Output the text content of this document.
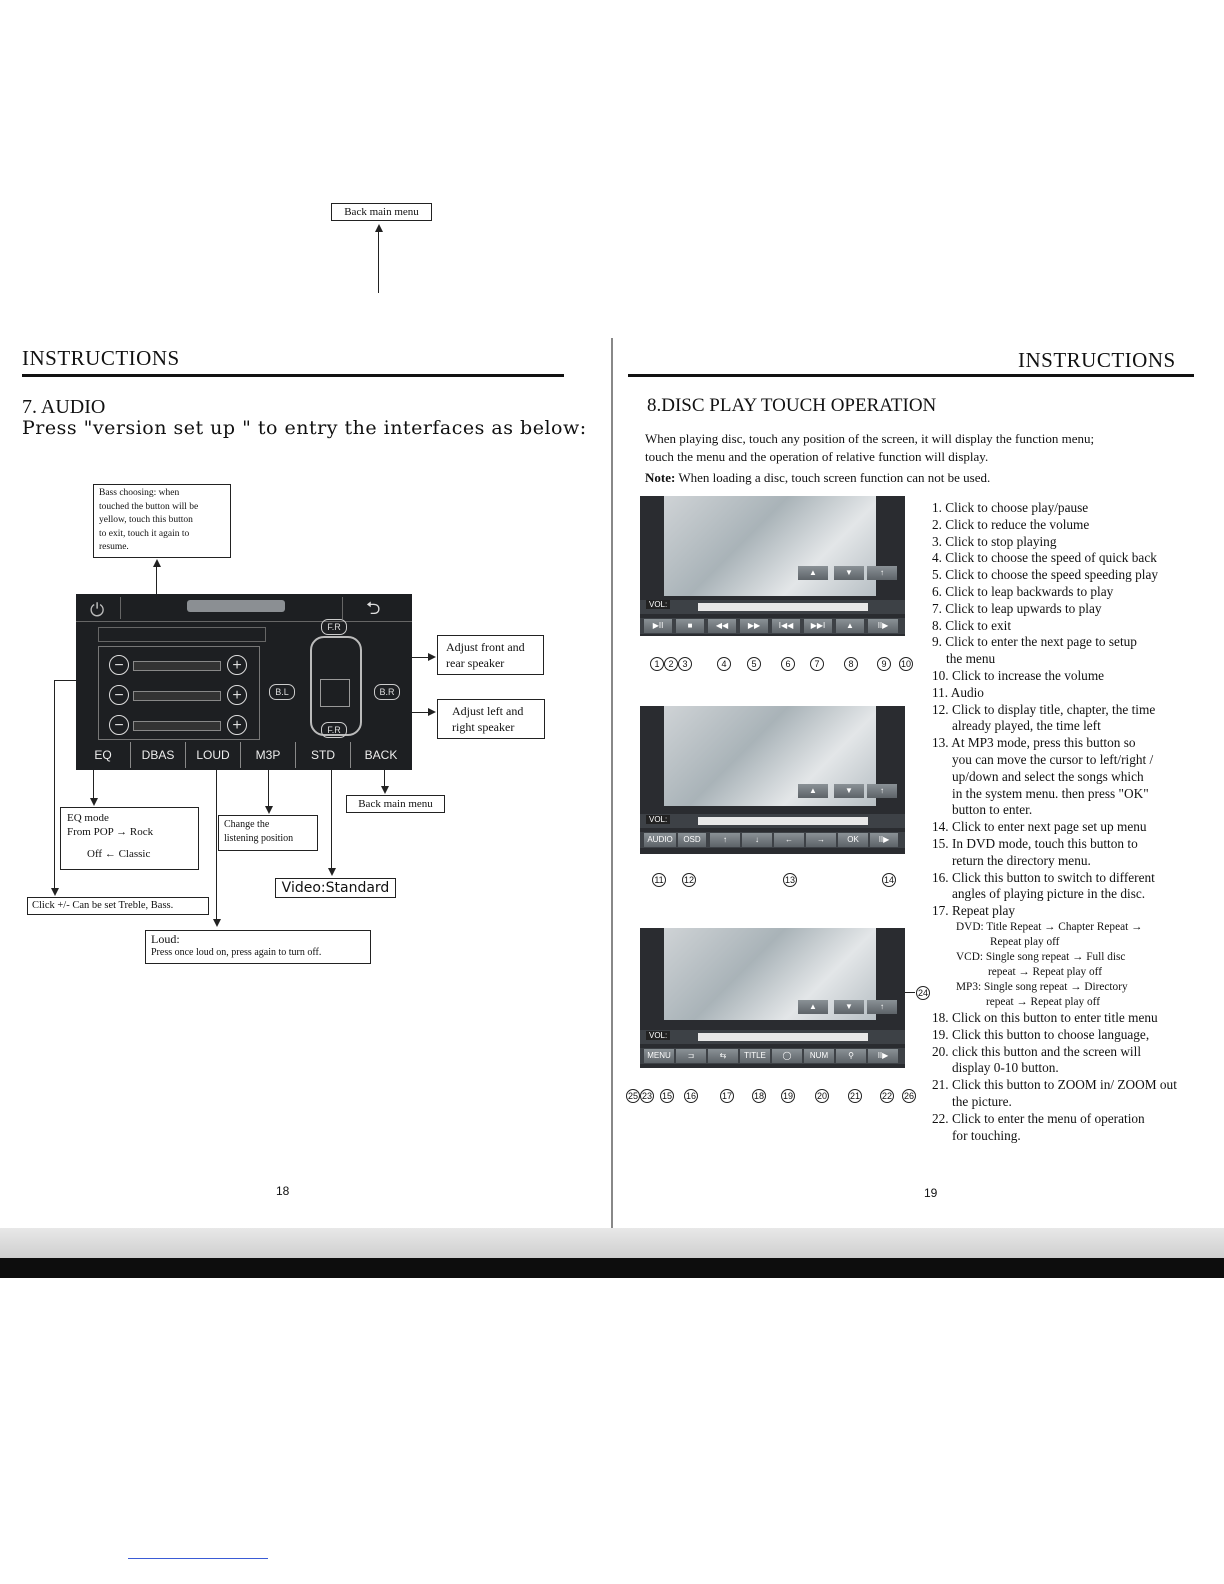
INSTRUCTIONS
7. AUDIO
Press "version set up " to entry the interfaces as below:
Bass choosing: when
touched the button will be
yellow, touch this button
to exit, touch it again to
resume.
Back main menu
⏻	⮌
−	+
−	+
−	+
F.R
B.L	B.R
F.R
EQ	DBAS	LOUD	M3P	STD	BACK
Adjust front and
rear speaker
Adjust left and
right speaker
Back main menu
EQ mode
From POP → Rock
Off ← Classic
Change the
listening position
Video:Standard
Click +/- Can be set Treble, Bass.
Loud:
Press once loud on, press again to turn off.
18
INSTRUCTIONS
8.DISC PLAY TOUCH OPERATION
When playing disc, touch any position of the screen, it will display the function menu;
touch the menu and the operation of relative function will display.
Note: When loading a disc, touch screen function can not be used.
▲	▼	↑
VOL:
▶II	■	◀◀	▶▶	I◀◀	▶▶I	▲	II▶
1 2 3	4	5	6	7	8	9	10
▲	▼	↑
VOL:
AUDIO	OSD	↑	↓	←	→	OK	II▶
11 12	13	14
▲	▼	↑
VOL:
MENU	⊐	⇆	TITLE	◯	NUM	⚲	II▶
24
25 23 15 16	17 18 19	20	21 22 26
1. Click to choose play/pause
2. Click to reduce the volume
3. Click to stop playing
4. Click to choose the speed of quick back
5. Click to choose the speed speeding play
6. Click to leap backwards to play
7. Click to leap upwards to play
8. Click to exit
9. Click to enter the next page to setup
the menu
10. Click to increase the volume
11. Audio
12. Click to display title, chapter, the time
already played, the time left
13. At MP3 mode, press this button so
you can move the cursor to left/right /
up/down and select the songs which
in the system menu. then press "OK"
button to enter.
14. Click to enter next page set up menu
15. In DVD mode, touch this button to
return the directory menu.
16. Click this button to switch to different
angles of playing picture in the disc.
17. Repeat play
DVD: Title Repeat → Chapter Repeat →
Repeat play off
VCD: Single song repeat → Full disc
repeat → Repeat play off
MP3: Single song repeat → Directory
repeat → Repeat play off
18. Click on this button to enter title menu
19. Click this button to choose language,
20. click this button and the screen will
display 0-10 button.
21. Click this button to ZOOM in/ ZOOM out
the picture.
22. Click to enter the menu of operation
for touching.
19
